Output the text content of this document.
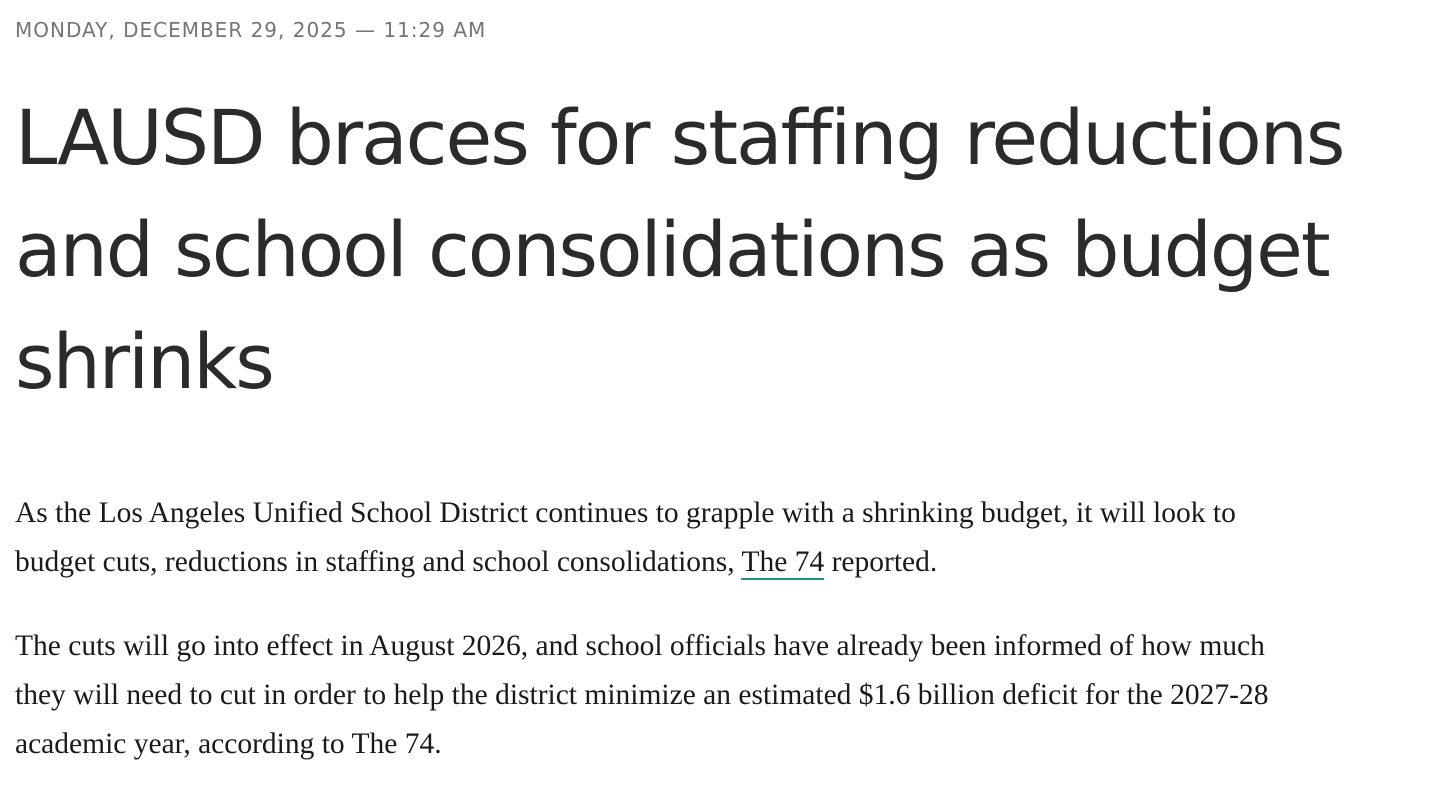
MONDAY, DECEMBER 29, 2025 — 11:29 AM

LAUSD braces for staffing reductions and school consolidations as budget shrinks

As the Los Angeles Unified School District continues to grapple with a shrinking budget, it will look to
budget cuts, reductions in staffing and school consolidations, The 74 reported.

The cuts will go into effect in August 2026, and school officials have already been informed of how much
they will need to cut in order to help the district minimize an estimated $1.6 billion deficit for the 2027-28
academic year, according to The 74.
